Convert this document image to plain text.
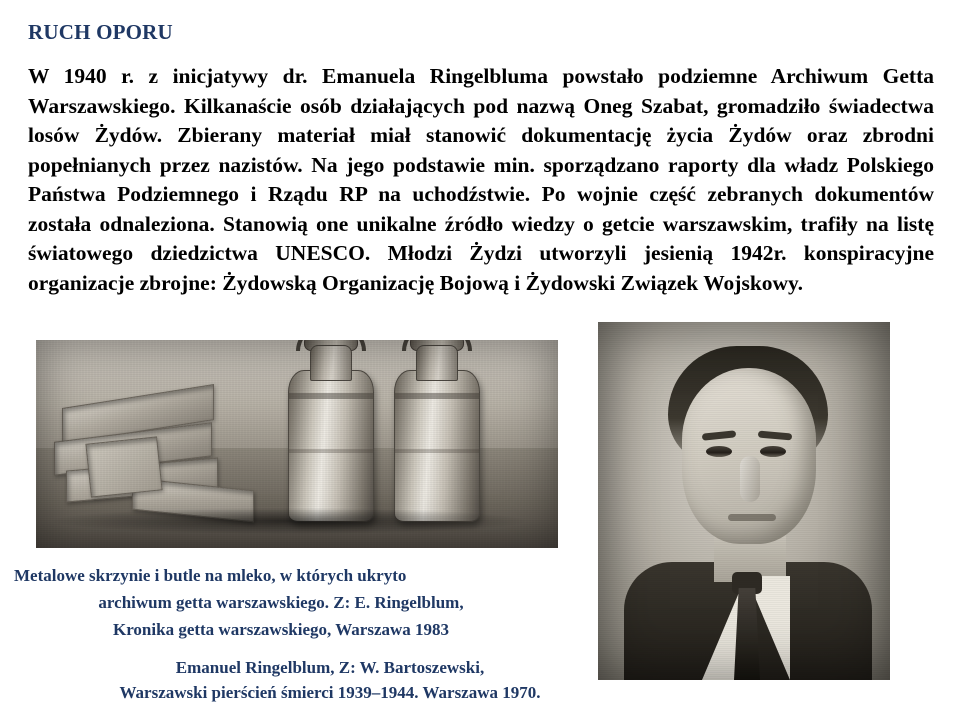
RUCH OPORU
W 1940 r. z inicjatywy dr. Emanuela Ringelbluma powstało podziemne Archiwum Getta Warszawskiego. Kilkanaście osób działających pod nazwą Oneg Szabat, gromadziło świadectwa losów Żydów. Zbierany materiał miał stanowić dokumentację życia Żydów oraz zbrodni popełnianych przez nazistów. Na jego podstawie min. sporządzano raporty dla władz Polskiego Państwa Podziemnego i Rządu RP na uchodźstwie. Po wojnie część zebranych dokumentów została odnaleziona. Stanowią one unikalne źródło wiedzy o getcie warszawskim, trafiły na listę światowego dziedzictwa UNESCO. Młodzi Żydzi utworzyli jesienią 1942r. konspiracyjne organizacje zbrojne: Żydowską Organizację Bojową i Żydowski Związek Wojskowy.
Metalowe skrzynie i butle na mleko, w których ukryto
archiwum getta warszawskiego. Z: E. Ringelblum,
Kronika getta warszawskiego, Warszawa 1983
Emanuel Ringelblum, Z: W. Bartoszewski,
Warszawski pierścień śmierci 1939–1944. Warszawa 1970.
